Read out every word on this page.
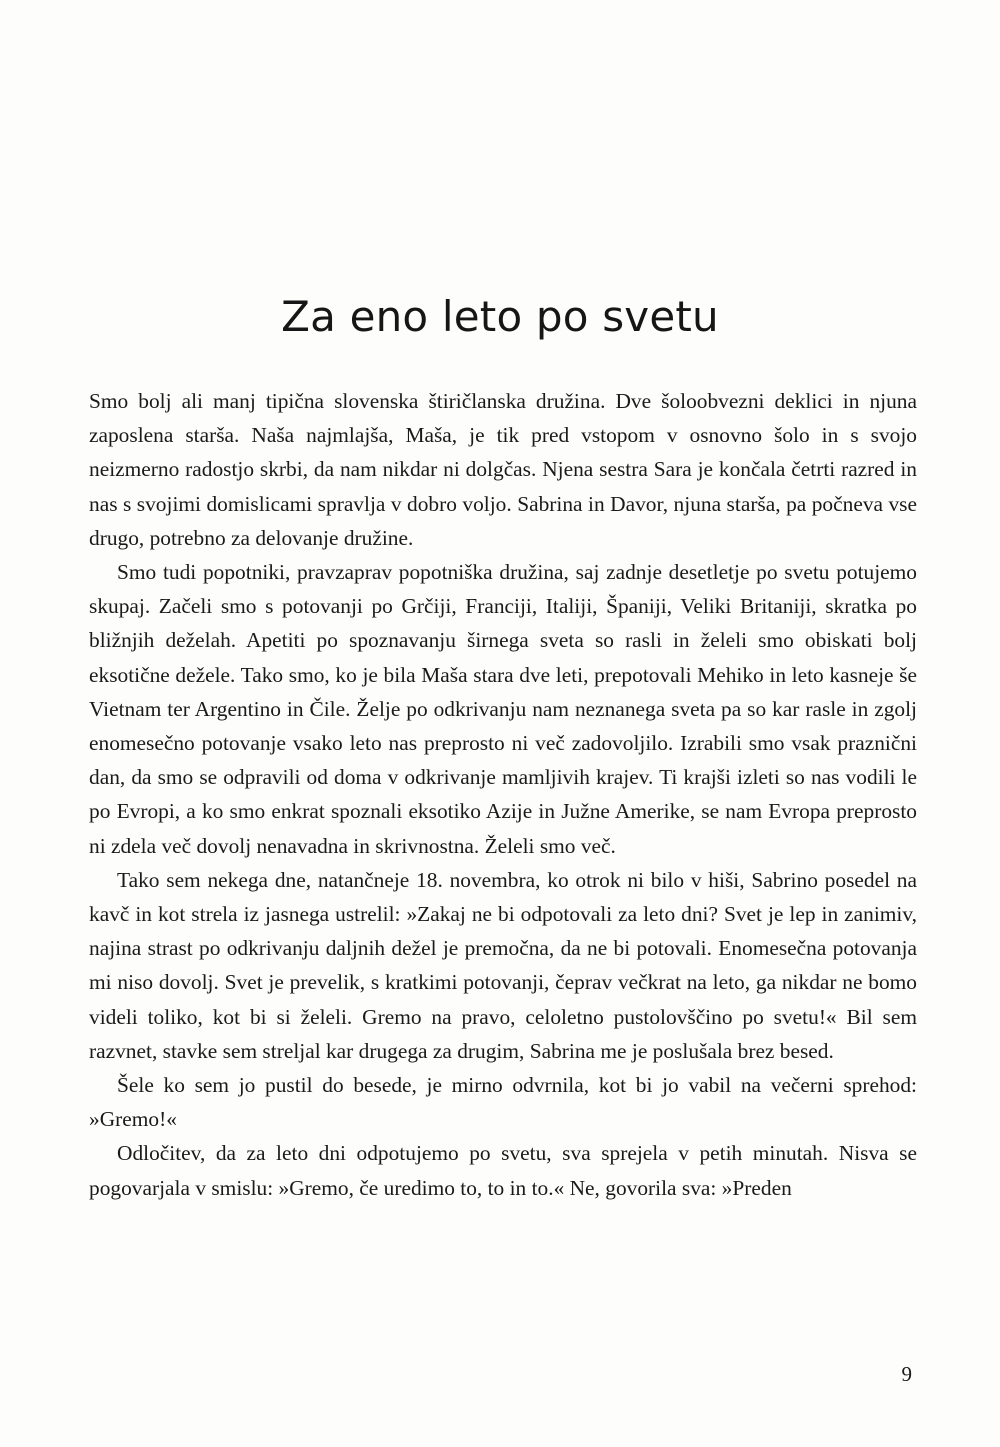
Za eno leto po svetu

Smo bolj ali manj tipična slovenska štiričlanska družina. Dve šoloobvezni deklici in njuna zaposlena starša. Naša najmlajša, Maša, je tik pred vstopom v osnovno šolo in s svojo neizmerno radostjo skrbi, da nam nikdar ni dolgčas. Njena sestra Sara je končala četrti razred in nas s svojimi domislicami spravlja v dobro voljo. Sabrina in Davor, njuna starša, pa počneva vse drugo, potrebno za delovanje družine.

Smo tudi popotniki, pravzaprav popotniška družina, saj zadnje desetletje po svetu potujemo skupaj. Začeli smo s potovanji po Grčiji, Franciji, Italiji, Španiji, Veliki Britaniji, skratka po bližnjih deželah. Apetiti po spoznavanju širnega sveta so rasli in želeli smo obiskati bolj eksotične dežele. Tako smo, ko je bila Maša stara dve leti, prepotovali Mehiko in leto kasneje še Vietnam ter Argentino in Čile. Želje po odkrivanju nam neznanega sveta pa so kar rasle in zgolj enomesečno potovanje vsako leto nas preprosto ni več zadovoljilo. Izrabili smo vsak praznični dan, da smo se odpravili od doma v odkrivanje mamljivih krajev. Ti krajši izleti so nas vodili le po Evropi, a ko smo enkrat spoznali eksotiko Azije in Južne Amerike, se nam Evropa preprosto ni zdela več dovolj nenavadna in skrivnostna. Želeli smo več.

Tako sem nekega dne, natančneje 18. novembra, ko otrok ni bilo v hiši, Sabrino posedel na kavč in kot strela iz jasnega ustrelil: »Zakaj ne bi odpotovali za leto dni? Svet je lep in zanimiv, najina strast po odkrivanju daljnih dežel je premočna, da ne bi potovali. Enomesečna potovanja mi niso dovolj. Svet je prevelik, s kratkimi potovanji, čeprav večkrat na leto, ga nikdar ne bomo videli toliko, kot bi si želeli. Gremo na pravo, celoletno pustolovščino po svetu!« Bil sem razvnet, stavke sem streljal kar drugega za drugim, Sabrina me je poslušala brez besed.

Šele ko sem jo pustil do besede, je mirno odvrnila, kot bi jo vabil na večerni sprehod: »Gremo!«

Odločitev, da za leto dni odpotujemo po svetu, sva sprejela v petih minutah. Nisva se pogovarjala v smislu: »Gremo, če uredimo to, to in to.« Ne, govorila sva: »Preden

9
